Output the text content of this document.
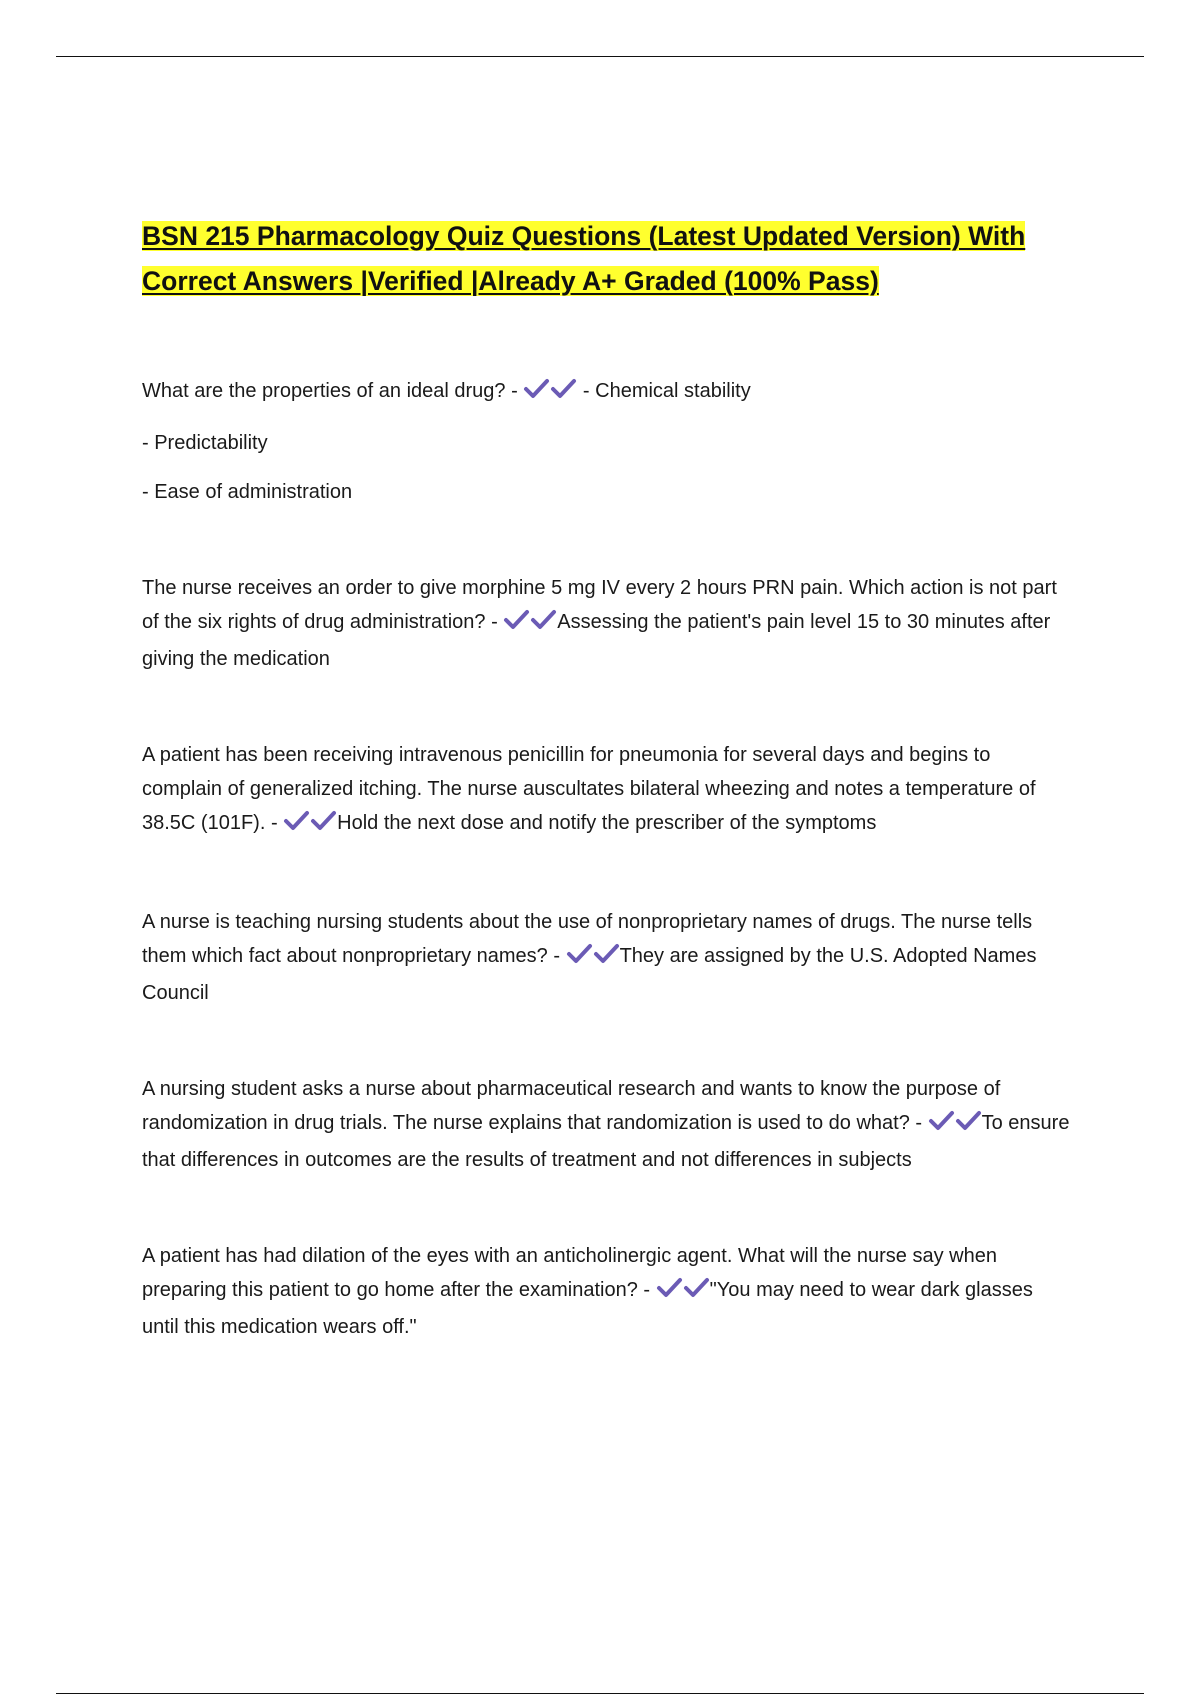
BSN 215 Pharmacology Quiz Questions (Latest Updated Version) With Correct Answers |Verified |Already A+ Graded (100% Pass)

What are the properties of an ideal drug? -	- Chemical stability

- Predictability

- Ease of administration

The nurse receives an order to give morphine 5 mg IV every 2 hours PRN pain. Which action is not part of the six rights of drug administration? -	Assessing the patient's pain level 15 to 30 minutes after giving the medication

A patient has been receiving intravenous penicillin for pneumonia for several days and begins to complain of generalized itching. The nurse auscultates bilateral wheezing and notes a temperature of 38.5C (101F). -	Hold the next dose and notify the prescriber of the symptoms

A nurse is teaching nursing students about the use of nonproprietary names of drugs. The nurse tells them which fact about nonproprietary names? -	They are assigned by the U.S. Adopted Names Council

A nursing student asks a nurse about pharmaceutical research and wants to know the purpose of randomization in drug trials. The nurse explains that randomization is used to do what? -	To ensure that differences in outcomes are the results of treatment and not differences in subjects

A patient has had dilation of the eyes with an anticholinergic agent. What will the nurse say when preparing this patient to go home after the examination? -	"You may need to wear dark glasses until this medication wears off."
